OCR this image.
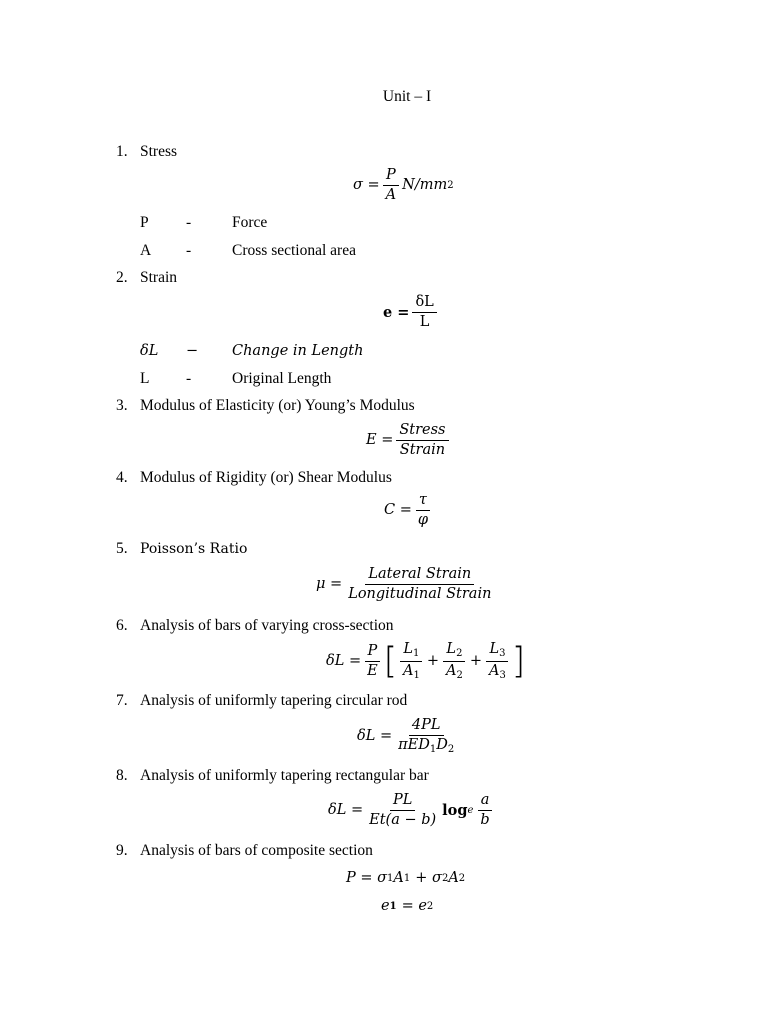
Unit – I
1. Stress
$\sigma = \frac{P}{A} N/mm$ 2
P -	Force
A -	Cross sectional area
2. Strain
$e = \frac{\delta L}{L}$
δL − Change in Length
L -	Original Length
3. Modulus of Elasticity (or) Young’s Modulus
$E = \frac{\text{Stress}}{\text{Strain}}$
4. Modulus of Rigidity (or) Shear Modulus
$C = \frac{\tau}{\varphi}$
5. Poisson’s Ratio
$\mu = \frac{\text{Lateral Strain}}{\text{Longitudinal Strain}}$
6. Analysis of bars of varying cross-section
$\delta L = \frac{P}{E}$ [ $\frac{L_1}{A_1} + \frac{L_2}{A_2} + \frac{L_3}{A_3}$ ]
7. Analysis of uniformly tapering circular rod
$\delta L = \frac{4PL}{\pi ED_1D_2}$
8. Analysis of uniformly tapering rectangular bar
$\delta L = \frac{PL}{Et(a - b)}$ log e $\frac{a}{b}$
9. Analysis of bars of composite section
P = σ 1 A 1 + σ 2 A 2
e 1 = e 2
